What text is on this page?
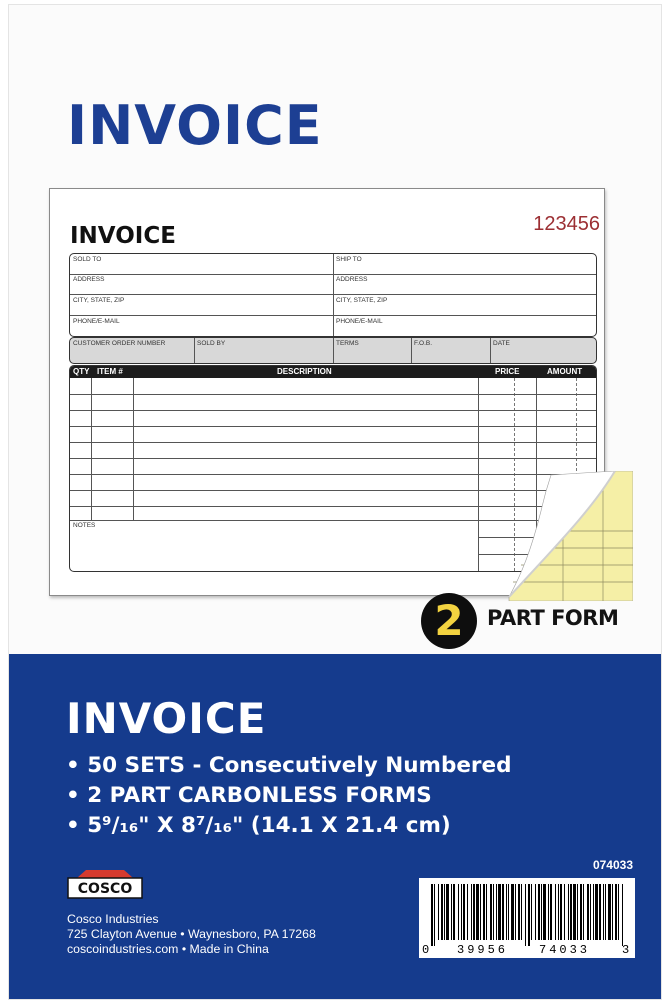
INVOICE
INVOICE	123456
SOLD TO	SHIP TO
ADDRESS	ADDRESS
CITY, STATE, ZIP	CITY, STATE, ZIP
PHONE/E-MAIL	PHONE/E-MAIL
CUSTOMER ORDER NUMBER	SOLD BY	TERMS	F.O.B.	DATE
QTY ITEM #	DESCRIPTION	PRICE	AMOUNT
NOTES
2	PART FORM
INVOICE
• 50 SETS - Consecutively Numbered
• 2 PART CARBONLESS FORMS
• 5⁹/₁₆" X 8⁷/₁₆" (14.1 X 21.4 cm)
074033
COSCO
Cosco Industries
725 Clayton Avenue • Waynesboro, PA 17268
coscoindustries.com • Made in China	0 39956	74033	3
